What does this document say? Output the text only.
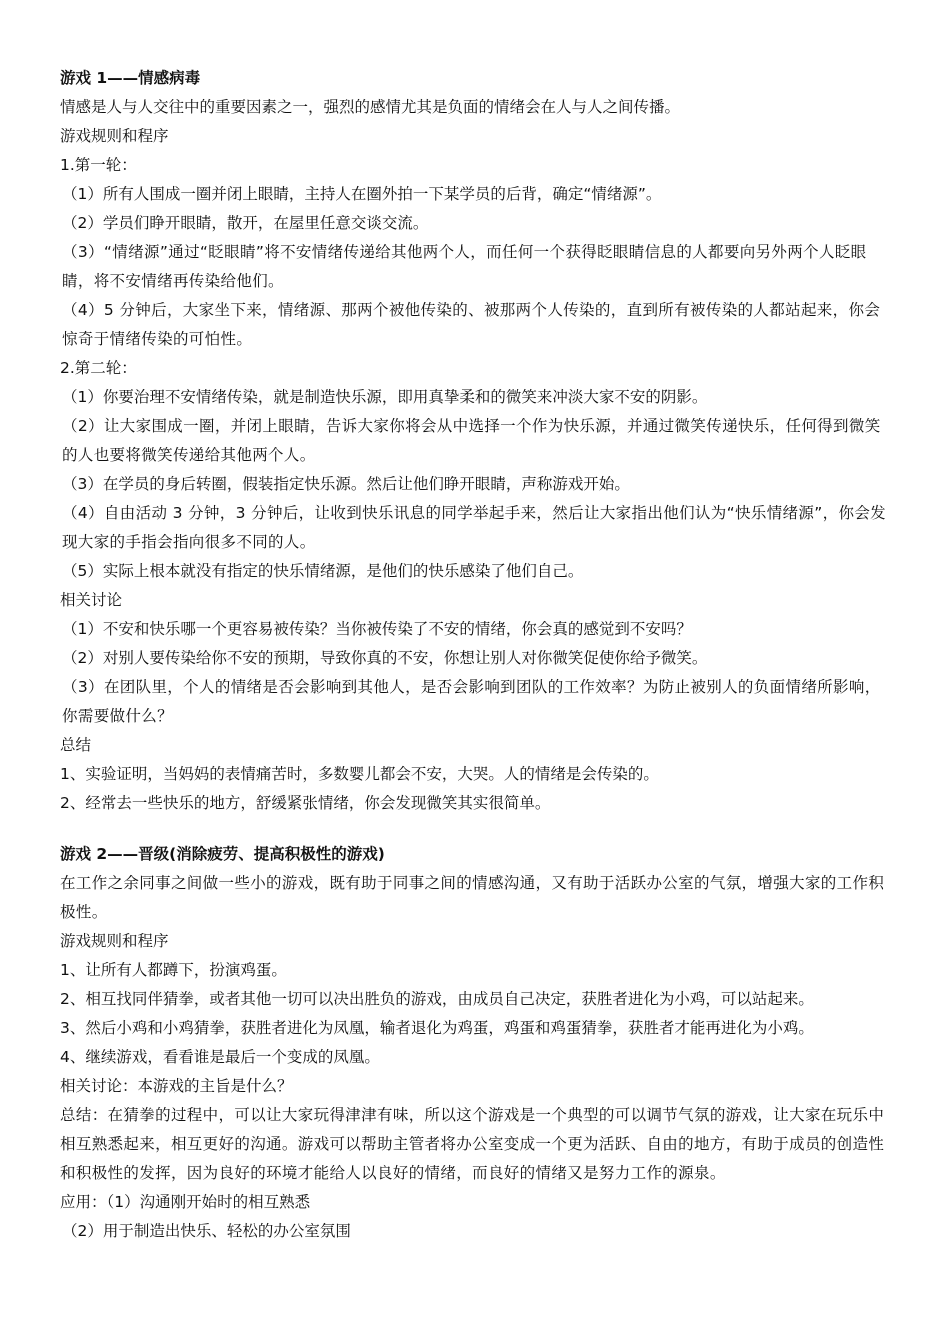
游戏 1——情感病毒
情感是人与人交往中的重要因素之一，强烈的感情尤其是负面的情绪会在人与人之间传播。
游戏规则和程序
1.第一轮：
（1）所有人围成一圈并闭上眼睛，主持人在圈外拍一下某学员的后背，确定“情绪源”。
（2）学员们睁开眼睛，散开，在屋里任意交谈交流。
（3）“情绪源”通过“眨眼睛”将不安情绪传递给其他两个人，而任何一个获得眨眼睛信息的人都要向另外两个人眨眼睛，将不安情绪再传染给他们。
（4）5 分钟后，大家坐下来，情绪源、那两个被他传染的、被那两个人传染的，直到所有被传染的人都站起来，你会惊奇于情绪传染的可怕性。
2.第二轮：
（1）你要治理不安情绪传染，就是制造快乐源，即用真挚柔和的微笑来冲淡大家不安的阴影。
（2）让大家围成一圈，并闭上眼睛，告诉大家你将会从中选择一个作为快乐源，并通过微笑传递快乐，任何得到微笑的人也要将微笑传递给其他两个人。
（3）在学员的身后转圈，假装指定快乐源。然后让他们睁开眼睛，声称游戏开始。
（4）自由活动 3 分钟，3 分钟后，让收到快乐讯息的同学举起手来，然后让大家指出他们认为“快乐情绪源”，你会发现大家的手指会指向很多不同的人。
（5）实际上根本就没有指定的快乐情绪源，是他们的快乐感染了他们自己。
相关讨论
（1）不安和快乐哪一个更容易被传染？当你被传染了不安的情绪，你会真的感觉到不安吗？
（2）对别人要传染给你不安的预期，导致你真的不安，你想让别人对你微笑促使你给予微笑。
（3）在团队里，个人的情绪是否会影响到其他人，是否会影响到团队的工作效率？为防止被别人的负面情绪所影响，你需要做什么？
总结
1、实验证明，当妈妈的表情痛苦时，多数婴儿都会不安，大哭。人的情绪是会传染的。
2、经常去一些快乐的地方，舒缓紧张情绪，你会发现微笑其实很简单。
游戏 2——晋级(消除疲劳、提高积极性的游戏)
在工作之余同事之间做一些小的游戏，既有助于同事之间的情感沟通，又有助于活跃办公室的气氛，增强大家的工作积极性。
游戏规则和程序
1、让所有人都蹲下，扮演鸡蛋。
2、相互找同伴猜拳，或者其他一切可以决出胜负的游戏，由成员自己决定，获胜者进化为小鸡，可以站起来。
3、然后小鸡和小鸡猜拳，获胜者进化为凤凰，输者退化为鸡蛋，鸡蛋和鸡蛋猜拳，获胜者才能再进化为小鸡。
4、继续游戏，看看谁是最后一个变成的凤凰。
相关讨论：本游戏的主旨是什么？
总结：在猜拳的过程中，可以让大家玩得津津有味，所以这个游戏是一个典型的可以调节气氛的游戏，让大家在玩乐中相互熟悉起来，相互更好的沟通。游戏可以帮助主管者将办公室变成一个更为活跃、自由的地方，有助于成员的创造性和积极性的发挥，因为良好的环境才能给人以良好的情绪，而良好的情绪又是努力工作的源泉。
应用：（1）沟通刚开始时的相互熟悉
（2）用于制造出快乐、轻松的办公室氛围
